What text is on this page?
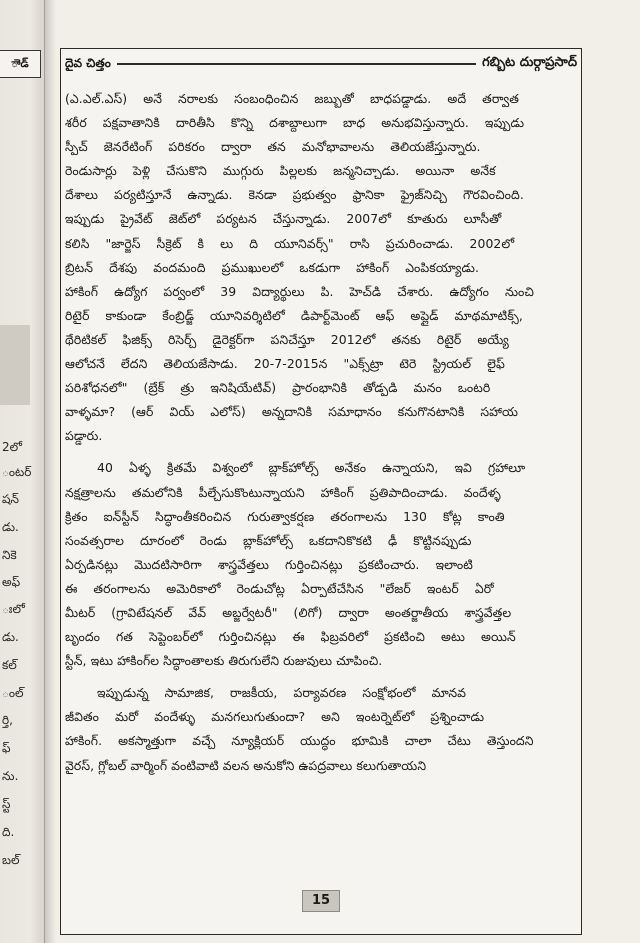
ాెడ్
2లో
ంటర్
షన్
డు.
నికె
అఫ్
ఃలో
డు.
కల్
ంల్
ర్తి,
ఫ్
ను.
స్ట్
ది.
బల్
దైవ చిత్తం	గబ్బిట దుర్గాప్రసాద్

(ఎ.ఎల్.ఎస్) అనే నరాలకు సంబంధించిన జబ్బుతో బాధపడ్డాడు. అదే తర్వాత
శరీర పక్షవాతానికి దారితీసి కొన్ని దశాబ్దాలుగా బాధ అనుభవిస్తున్నారు. ఇప్పుడు
స్పీచ్ జెనరేటింగ్ పరికరం ద్వారా తన మనోభావాలను తెలియజేస్తున్నారు.
రెండుసార్లు పెళ్లి చేసుకొని ముగ్గురు పిల్లలకు జన్మనిచ్చాడు. అయినా అనేక
దేశాలు పర్యటిస్తూనే ఉన్నాడు. కెనడా ప్రభుత్వం ఫ్రానికా ఫ్రైజ్‌నిచ్చి గౌరవించింది.
ఇప్పుడు ప్రైవేట్ జెట్‌లో పర్యటన చేస్తున్నాడు. 2007లో కూతురు లూసీతో
కలిసి "జార్జెస్ సీక్రెట్ కి లు ది యూనివర్స్" రాసి ప్రచురించాడు. 2002లో
బ్రిటన్ దేశపు వందమంది ప్రముఖులలో ఒకడుగా హాకింగ్ ఎంపికయ్యాడు.
హాకింగ్ ఉద్యోగ పర్వంలో 39 విద్యార్థులు పి. హెచ్‌డి చేశారు. ఉద్యోగం నుంచి
రిటైర్ కాకుండా కేంబ్రిడ్జ్ యూనివర్శిటిలో డిపార్ట్‌మెంట్ ఆఫ్ అప్లైడ్ మాథమాటిక్స్,
థేరిటికల్ ఫిజిక్స్ రిసెర్చ్ డైరెక్టర్‌గా పనిచేస్తూ 2012లో తనకు రిటైర్ అయ్యే
ఆలోచనే లేదని తెలియజేసాడు. 20-7-2015న "ఎక్స్‌ట్రా టెరె స్ట్రియల్ లైఫ్
పరిశోధనలో" (బ్రేక్ త్రు ఇనిషియేటివ్) ప్రారంభానికి తోడ్పడి మనం ఒంటరి
వాళ్ళమా? (ఆర్ వియ్ ఎలోస్) అన్నదానికి సమాధానం కనుగొనటానికి సహాయ
పడ్డారు.

40 ఏళ్ళ క్రితమే విశ్వంలో బ్లాక్‌హోల్స్ అనేకం ఉన్నాయని, ఇవి గ్రహాలూ
నక్షత్రాలను తమలోనికి పీల్చేసుకొంటున్నాయని హాకింగ్ ప్రతిపాదించాడు. వందేళ్ళ
క్రితం ఐన్‌స్టీన్ సిద్ధాంతీకరించిన గురుత్వాకర్షణ తరంగాలను 130 కోట్ల కాంతి
సంవత్సరాల దూరంలో రెండు బ్లాక్‌హోల్స్ ఒకదానికొకటి ఢీ కొట్టినప్పుడు
ఏర్పడినట్లు మొదటిసారిగా శాస్త్రవేత్తలు గుర్తించినట్లు ప్రకటించారు. ఇలాంటి
ఈ తరంగాలను అమెరికాలో రెండుచోట్ల ఏర్పాటేచేసిన "లేజర్ ఇంటర్ ఏరో
మీటర్ (గ్రావిటేషనల్ వేవ్ అబ్జర్వేటరీ" (లిగో) ద్వారా అంతర్జాతీయ శాస్త్రవేత్తల
బృందం గత సెప్టెంబర్‌లో గుర్తించినట్లు ఈ ఫిబ్రవరిలో ప్రకటించి అటు అయిన్
స్టీన్, ఇటు హాకింగ్‌ల సిద్ధాంతాలకు తిరుగులేని రుజువులు చూపించి.

ఇప్పుడున్న సామాజిక, రాజకీయ, పర్యావరణ సంక్షోభంలో మానవ
జీవితం మరో వందేళ్ళు మనగలుగుతుందా? అని ఇంటర్నెట్‌లో ప్రశ్నించాడు
హాకింగ్. అకస్మాత్తుగా వచ్చే న్యూక్లియర్ యుద్ధం భూమికి చాలా చేటు తెస్తుందని
వైరస్, గ్లోబల్ వార్మింగ్ వంటివాటి వలన అనుకోని ఉపద్రవాలు కలుగుతాయని

15
